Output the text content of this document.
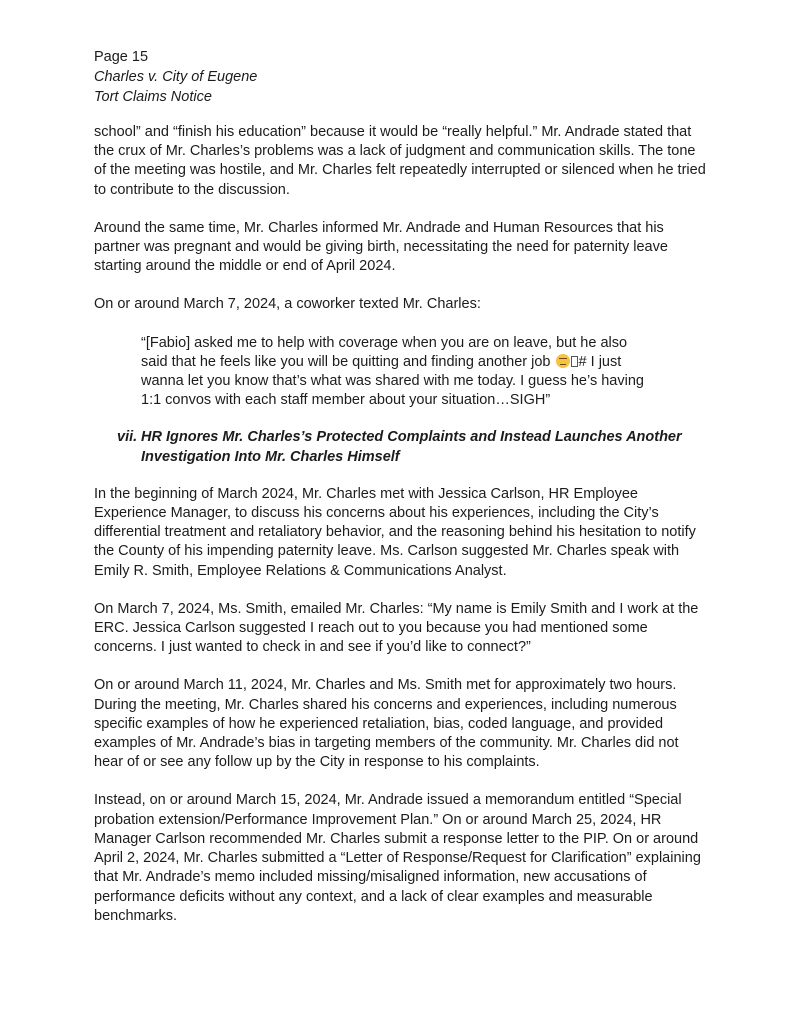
Page 15
Charles v. City of Eugene
Tort Claims Notice

school” and “finish his education” because it would be “really helpful.” Mr. Andrade stated that the crux of Mr. Charles’s problems was a lack of judgment and communication skills. The tone of the meeting was hostile, and Mr. Charles felt repeatedly interrupted or silenced when he tried to contribute to the discussion.

Around the same time, Mr. Charles informed Mr. Andrade and Human Resources that his partner was pregnant and would be giving birth, necessitating the need for paternity leave starting around the middle or end of April 2024.

On or around March 7, 2024, a coworker texted Mr. Charles:

“[Fabio] asked me to help with coverage when you are on leave, but he also said that he feels like you will be quitting and finding another job # I just wanna let you know that’s what was shared with me today. I guess he’s having 1:1 convos with each staff member about your situation…SIGH”

vii. HR Ignores Mr. Charles’s Protected Complaints and Instead Launches Another Investigation Into Mr. Charles Himself

In the beginning of March 2024, Mr. Charles met with Jessica Carlson, HR Employee Experience Manager, to discuss his concerns about his experiences, including the City’s differential treatment and retaliatory behavior, and the reasoning behind his hesitation to notify the County of his impending paternity leave. Ms. Carlson suggested Mr. Charles speak with Emily R. Smith, Employee Relations & Communications Analyst.

On March 7, 2024, Ms. Smith, emailed Mr. Charles: “My name is Emily Smith and I work at the ERC. Jessica Carlson suggested I reach out to you because you had mentioned some concerns. I just wanted to check in and see if you’d like to connect?”

On or around March 11, 2024, Mr. Charles and Ms. Smith met for approximately two hours. During the meeting, Mr. Charles shared his concerns and experiences, including numerous specific examples of how he experienced retaliation, bias, coded language, and provided examples of Mr. Andrade’s bias in targeting members of the community. Mr. Charles did not hear of or see any follow up by the City in response to his complaints.

Instead, on or around March 15, 2024, Mr. Andrade issued a memorandum entitled “Special probation extension/Performance Improvement Plan.” On or around March 25, 2024, HR Manager Carlson recommended Mr. Charles submit a response letter to the PIP. On or around April 2, 2024, Mr. Charles submitted a “Letter of Response/Request for Clarification” explaining that Mr. Andrade’s memo included missing/misaligned information, new accusations of performance deficits without any context, and a lack of clear examples and measurable benchmarks.
